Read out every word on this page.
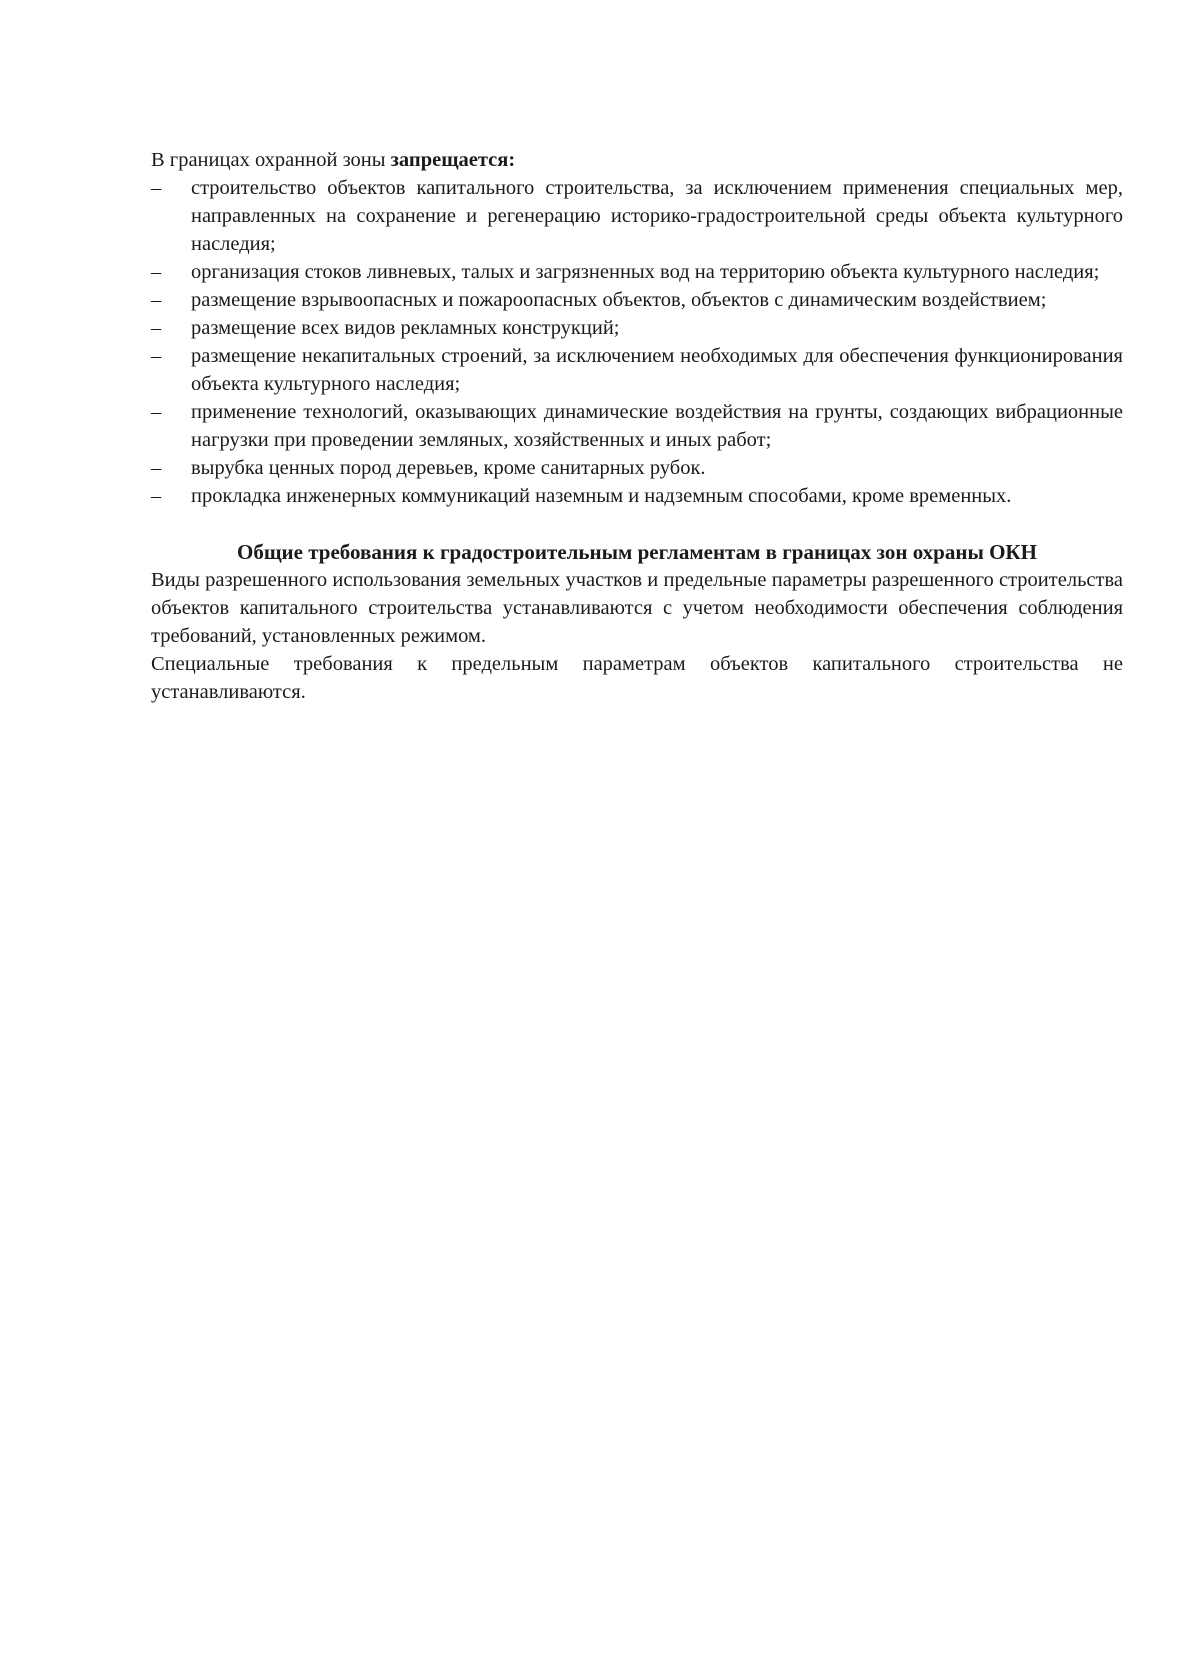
В границах охранной зоны запрещается:

– строительство объектов капитального строительства, за исключением применения специальных мер, направленных на сохранение и регенерацию историко-градостроительной среды объекта культурного наследия;
– организация стоков ливневых, талых и загрязненных вод на территорию объекта культурного наследия;
– размещение взрывоопасных и пожароопасных объектов, объектов с динамическим воздействием;
– размещение всех видов рекламных конструкций;
– размещение некапитальных строений, за исключением необходимых для обеспечения функционирования объекта культурного наследия;
– применение технологий, оказывающих динамические воздействия на грунты, создающих вибрационные нагрузки при проведении земляных, хозяйственных и иных работ;
– вырубка ценных пород деревьев, кроме санитарных рубок.
– прокладка инженерных коммуникаций наземным и надземным способами, кроме временных.
Общие требования к градостроительным регламентам в границах зон охраны ОКН

Виды разрешенного использования земельных участков и предельные параметры разрешенного строительства объектов капитального строительства устанавливаются с учетом необходимости обеспечения соблюдения требований, установленных режимом.

Специальные требования к предельным параметрам объектов капитального строительства не устанавливаются.
